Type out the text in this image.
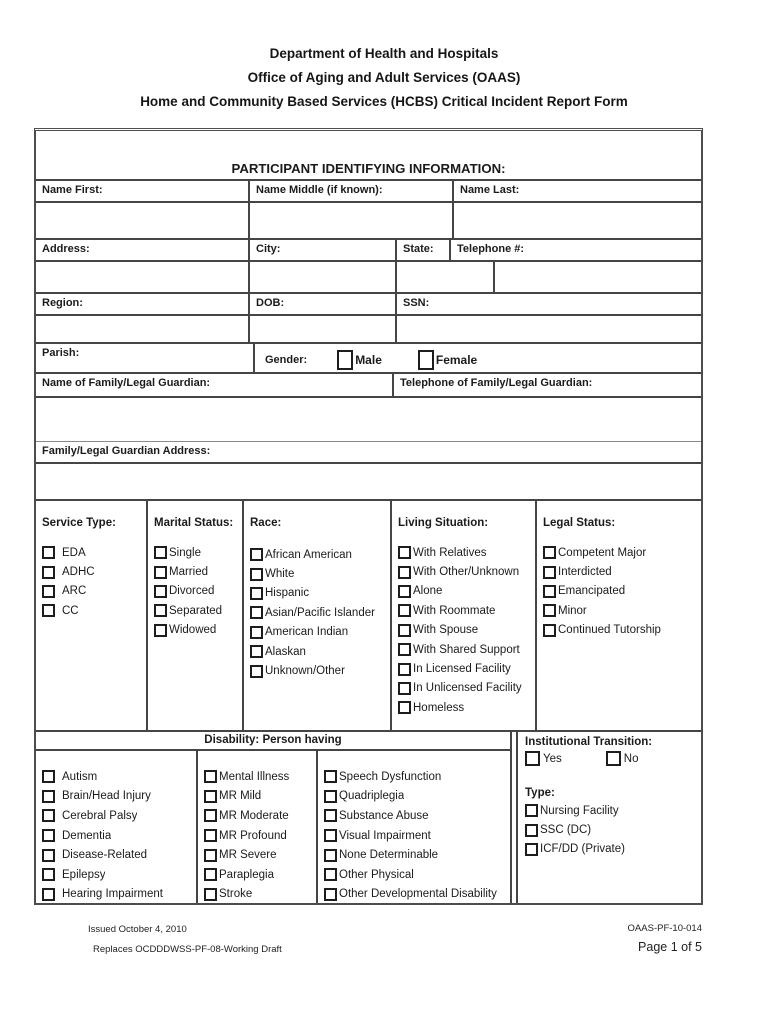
Department of Health and Hospitals
Office of Aging and Adult Services (OAAS)
Home and Community Based Services (HCBS) Critical Incident Report Form
PARTICIPANT IDENTIFYING INFORMATION:
Name First:	Name Middle (if known):	Name Last:
Address:	City:	State:	Telephone #:
Region:	DOB:	SSN:
Parish:
Gender:	Male	Female
Name of Family/Legal Guardian:	Telephone of Family/Legal Guardian:
Family/Legal Guardian Address:
Service Type:
EDA
ADHC
ARC
CC
Marital Status:
Single
Married
Divorced
Separated
Widowed
Race:
African American
White
Hispanic
Asian/Pacific Islander
American Indian
Alaskan
Unknown/Other
Living Situation:
With Relatives
With Other/Unknown
Alone
With Roommate
With Spouse
With Shared Support
In Licensed Facility
In Unlicensed Facility
Homeless
Legal Status:
Competent Major
Interdicted
Emancipated
Minor
Continued Tutorship
Disability: Person having
Autism
Brain/Head Injury
Cerebral Palsy
Dementia
Disease-Related
Epilepsy
Hearing Impairment
Mental Illness
MR Mild
MR Moderate
MR Profound
MR Severe
Paraplegia
Stroke
Speech Dysfunction
Quadriplegia
Substance Abuse
Visual Impairment
None Determinable
Other Physical
Other Developmental Disability
Institutional Transition:
Yes	No
Type:
Nursing Facility
SSC (DC)
ICF/DD (Private)
Issued October 4, 2010
Replaces OCDDDWSS-PF-08-Working Draft
OAAS-PF-10-014
Page 1 of 5
